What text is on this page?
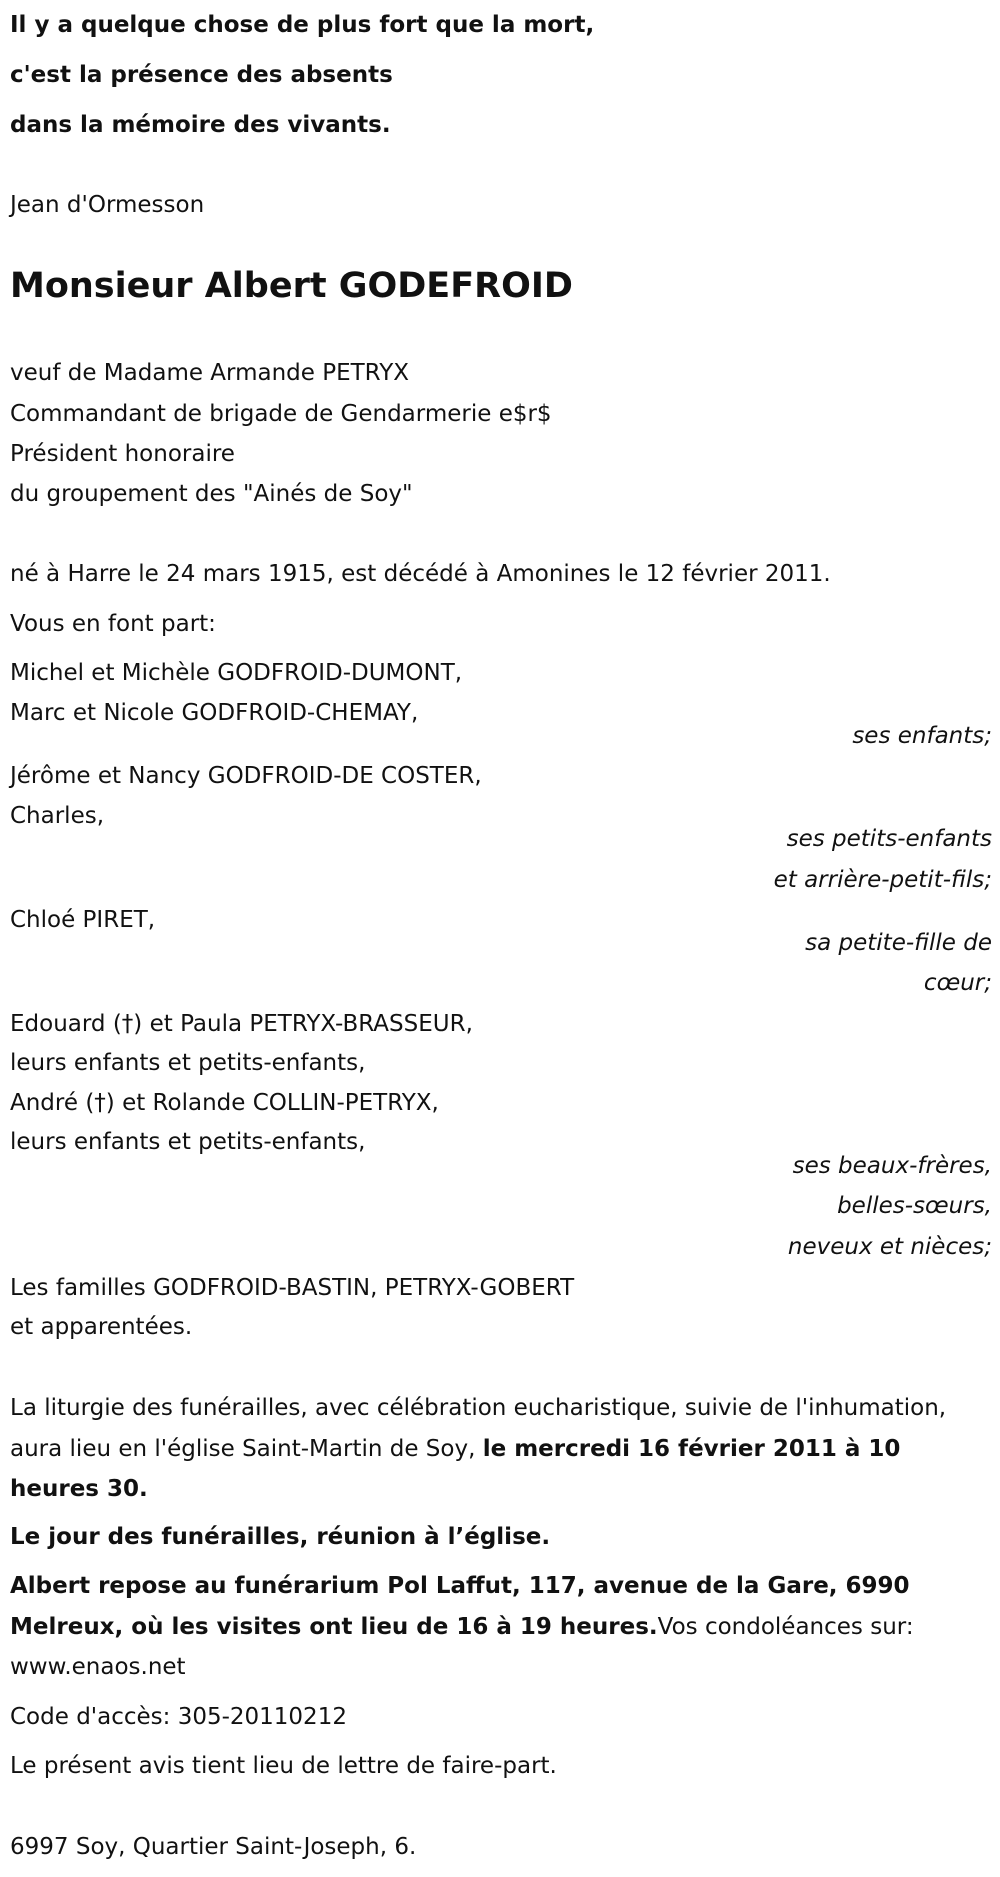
Il y a quelque chose de plus fort que la mort,
c'est la présence des absents
dans la mémoire des vivants.
Jean d'Ormesson
Monsieur Albert GODEFROID
veuf de Madame Armande PETRYX
Commandant de brigade de Gendarmerie e$r$
Président honoraire
du groupement des "Ainés de Soy"
né à Harre le 24 mars 1915, est décédé à Amonines le 12 février 2011.
Vous en font part:
Michel et Michèle GODFROID-DUMONT,
Marc et Nicole GODFROID-CHEMAY,
ses enfants;
Jérôme et Nancy GODFROID-DE COSTER,
Charles,
ses petits-enfants
et arrière-petit-fils;
Chloé PIRET,
sa petite-fille de
cœur;
Edouard (†) et Paula PETRYX-BRASSEUR,
leurs enfants et petits-enfants,
André (†) et Rolande COLLIN-PETRYX,
leurs enfants et petits-enfants,
ses beaux-frères,
belles-sœurs,
neveux et nièces;
Les familles GODFROID-BASTIN, PETRYX-GOBERT
et apparentées.
La liturgie des funérailles, avec célébration eucharistique, suivie de l'inhumation, aura lieu en l'église Saint-Martin de Soy, le mercredi 16 février 2011 à 10 heures 30.
Le jour des funérailles, réunion à l’église.
Albert repose au funérarium Pol Laffut, 117, avenue de la Gare, 6990 Melreux, où les visites ont lieu de 16 à 19 heures.Vos condoléances sur: www.enaos.net
Code d'accès: 305-20110212
Le présent avis tient lieu de lettre de faire-part.
6997 Soy, Quartier Saint-Joseph, 6.
